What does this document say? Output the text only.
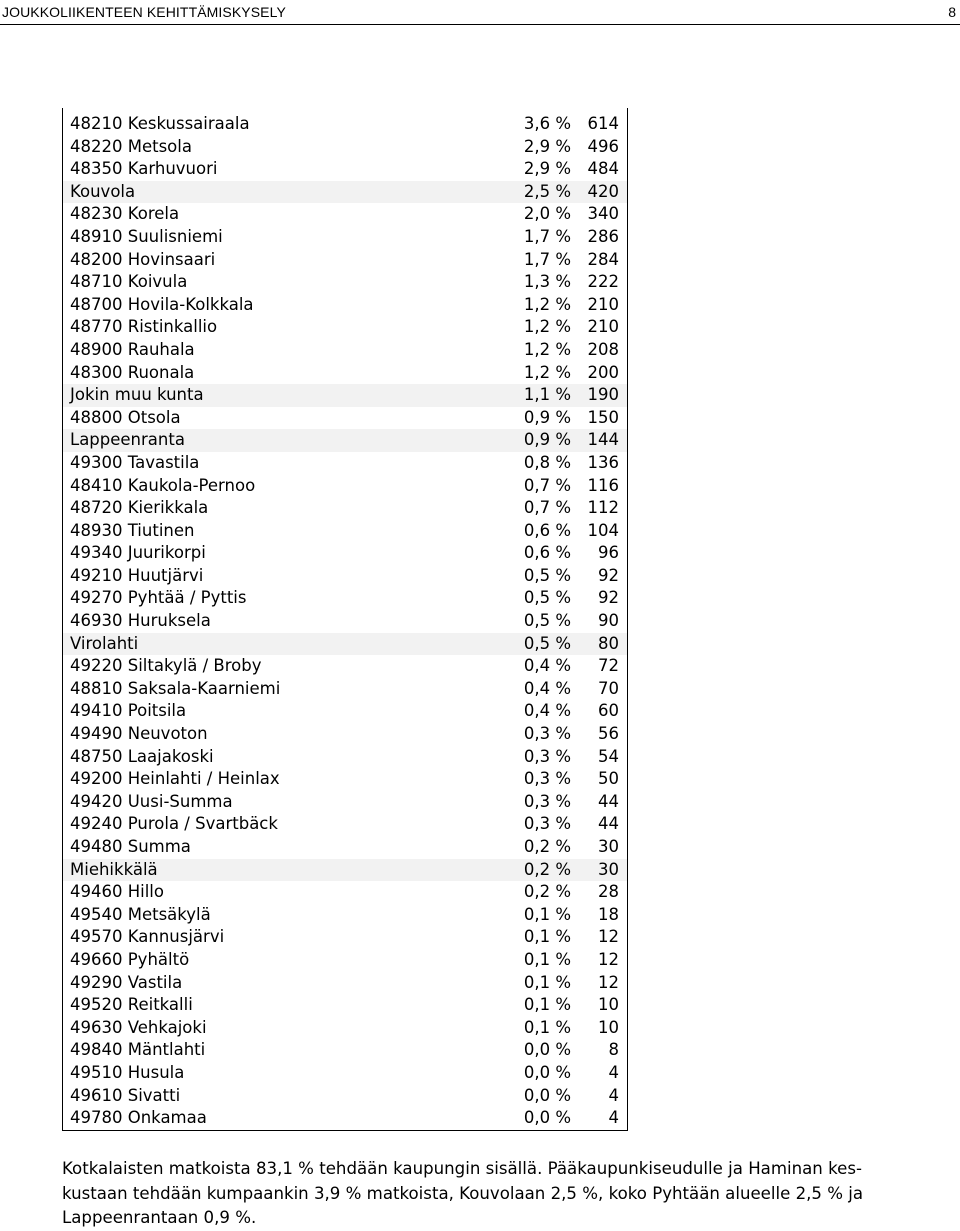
JOUKKOLIIKENTEEN KEHITTÄMISKYSELY	8
48210 Keskussairaala	3,6 %	614
48220 Metsola	2,9 %	496
48350 Karhuvuori	2,9 %	484
Kouvola	2,5 %	420
48230 Korela	2,0 %	340
48910 Suulisniemi	1,7 %	286
48200 Hovinsaari	1,7 %	284
48710 Koivula	1,3 %	222
48700 Hovila-Kolkkala	1,2 %	210
48770 Ristinkallio	1,2 %	210
48900 Rauhala	1,2 %	208
48300 Ruonala	1,2 %	200
Jokin muu kunta	1,1 %	190
48800 Otsola	0,9 %	150
Lappeenranta	0,9 %	144
49300 Tavastila	0,8 %	136
48410 Kaukola-Pernoo	0,7 %	116
48720 Kierikkala	0,7 %	112
48930 Tiutinen	0,6 %	104
49340 Juurikorpi	0,6 %	96
49210 Huutjärvi	0,5 %	92
49270 Pyhtää / Pyttis	0,5 %	92
46930 Huruksela	0,5 %	90
Virolahti	0,5 %	80
49220 Siltakylä / Broby	0,4 %	72
48810 Saksala-Kaarniemi	0,4 %	70
49410 Poitsila	0,4 %	60
49490 Neuvoton	0,3 %	56
48750 Laajakoski	0,3 %	54
49200 Heinlahti / Heinlax	0,3 %	50
49420 Uusi-Summa	0,3 %	44
49240 Purola / Svartbäck	0,3 %	44
49480 Summa	0,2 %	30
Miehikkälä	0,2 %	30
49460 Hillo	0,2 %	28
49540 Metsäkylä	0,1 %	18
49570 Kannusjärvi	0,1 %	12
49660 Pyhältö	0,1 %	12
49290 Vastila	0,1 %	12
49520 Reitkalli	0,1 %	10
49630 Vehkajoki	0,1 %	10
49840 Mäntlahti	0,0 %	8
49510 Husula	0,0 %	4
49610 Sivatti	0,0 %	4
49780 Onkamaa	0,0 %	4
Kotkalaisten matkoista 83,1 % tehdään kaupungin sisällä. Pääkaupunkiseudulle ja Haminan kes-
kustaan tehdään kumpaankin 3,9 % matkoista, Kouvolaan 2,5 %, koko Pyhtään alueelle 2,5 % ja
Lappeenrantaan 0,9 %.
